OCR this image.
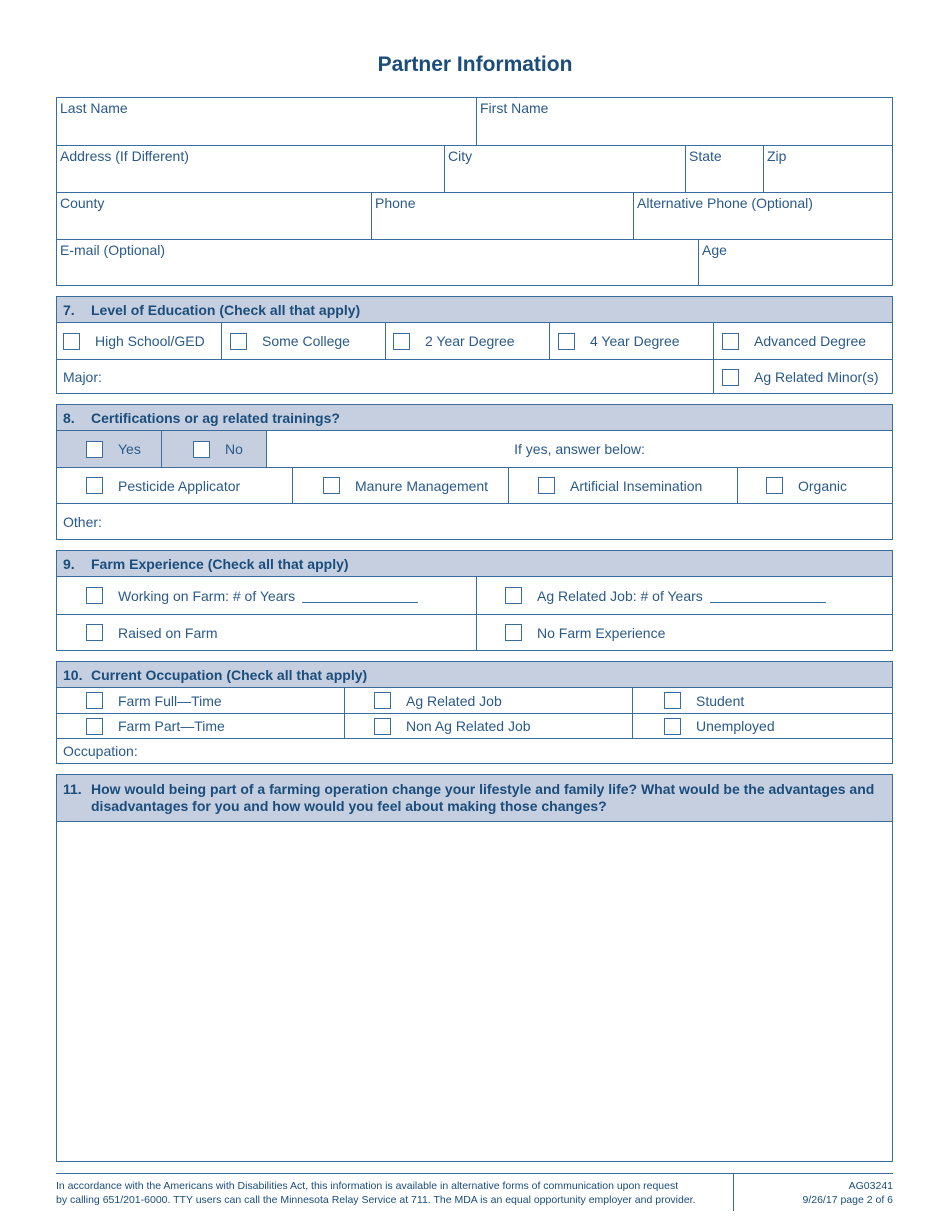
Partner Information
Last Name	First Name
Address (If Different)	City	State	Zip
County	Phone	Alternative Phone (Optional)
E-mail (Optional)	Age
7.	Level of Education (Check all that apply)
High School/GED	Some College	2 Year Degree	4 Year Degree	Advanced Degree
Major:	Ag Related Minor(s)
8.	Certifications or ag related trainings?
Yes	No	If yes, answer below:
Pesticide Applicator	Manure Management	Artificial Insemination	Organic
Other:
9.	Farm Experience (Check all that apply)
Working on Farm: # of Years	Ag Related Job: # of Years
Raised on Farm	No Farm Experience
10. Current Occupation (Check all that apply)
Farm Full—Time	Ag Related Job	Student
Farm Part—Time	Non Ag Related Job	Unemployed
Occupation:
11. How would being part of a farming operation change your lifestyle and family life? What would be the advantages and
disadvantages for you and how would you feel about making those changes?
In accordance with the Americans with Disabilities Act, this information is available in alternative forms of communication upon request
by calling 651/201-6000. TTY users can call the Minnesota Relay Service at 711. The MDA is an equal opportunity employer and provider.
AG03241
9/26/17 page 2 of 6
